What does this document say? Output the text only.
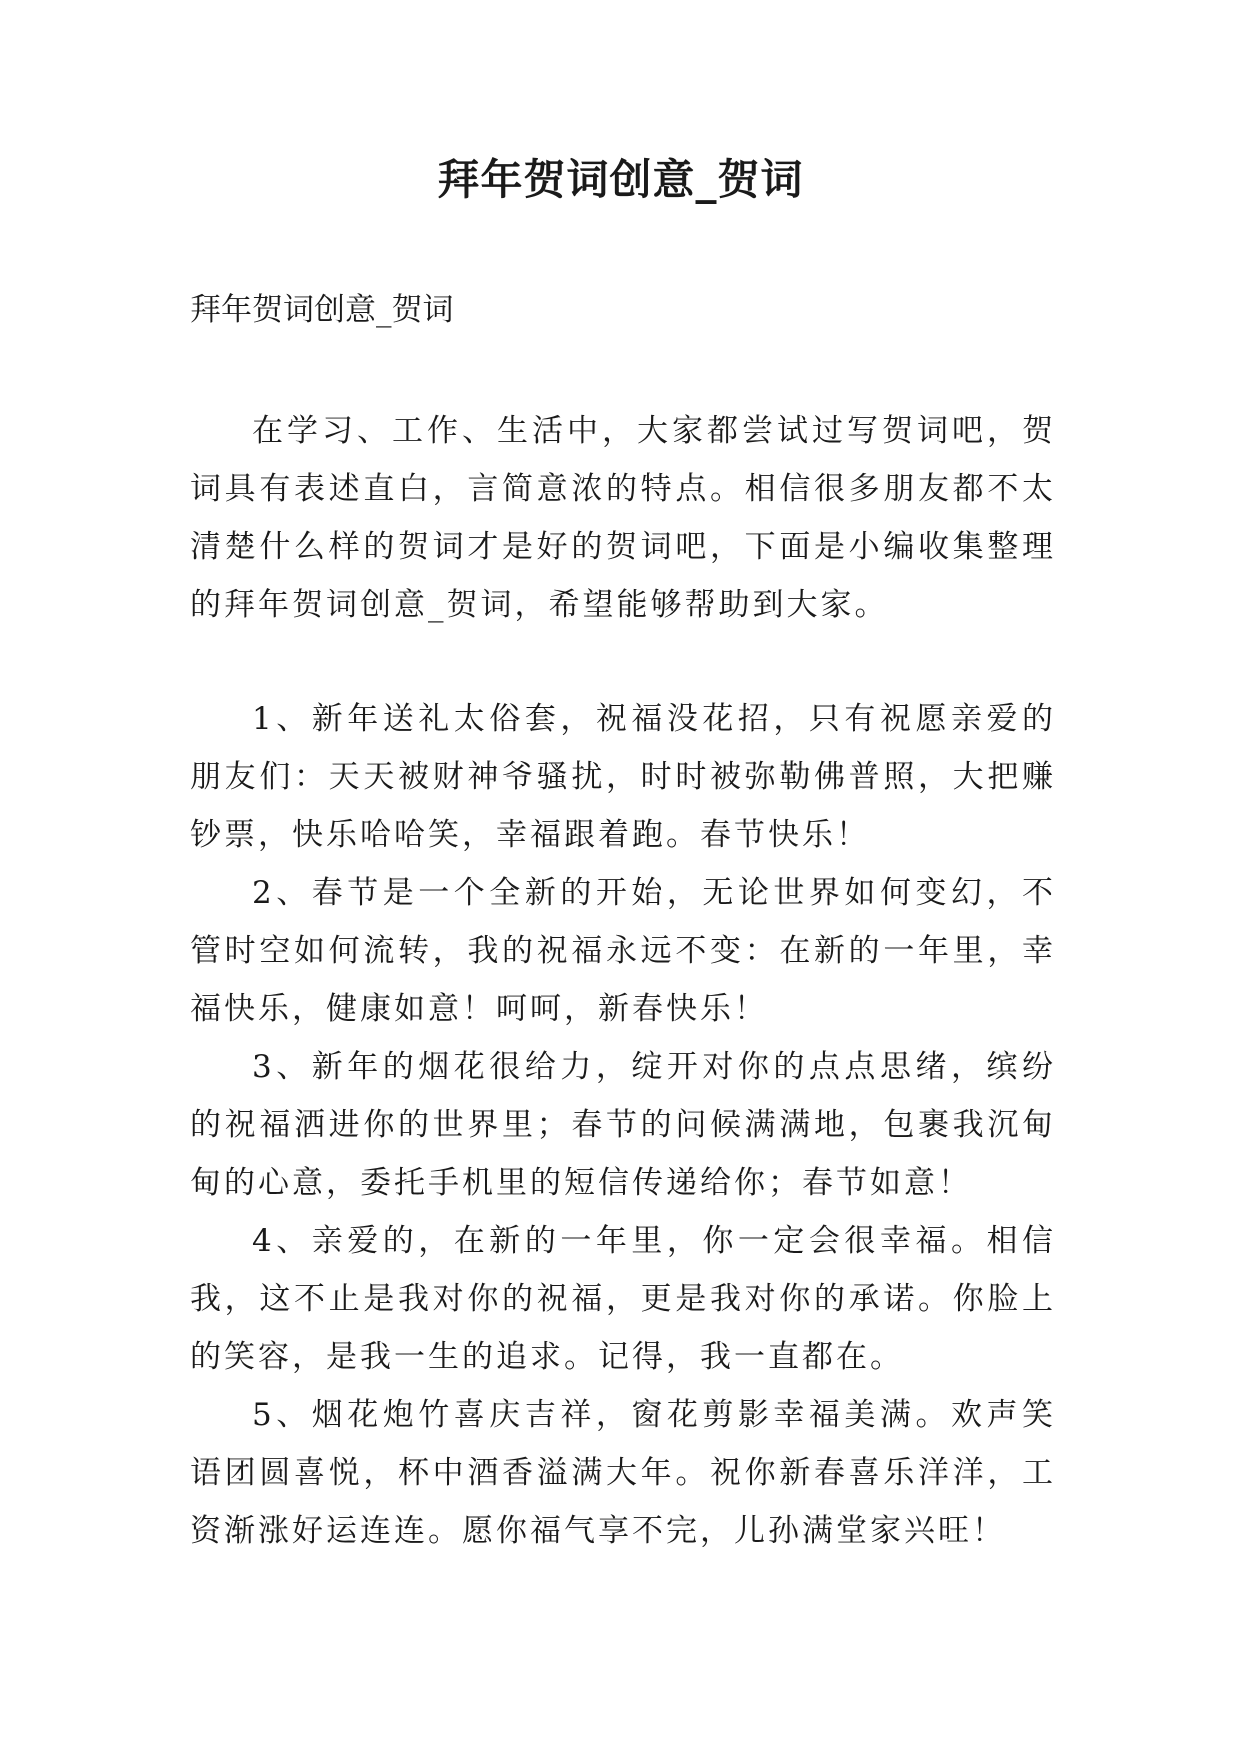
拜年贺词创意_贺词
拜年贺词创意_贺词

在学习、工作、生活中，大家都尝试过写贺词吧，贺词具有表述直白，言简意浓的特点。相信很多朋友都不太清楚什么样的贺词才是好的贺词吧，下面是小编收集整理的拜年贺词创意_贺词，希望能够帮助到大家。

1、新年送礼太俗套，祝福没花招，只有祝愿亲爱的朋友们：天天被财神爷骚扰，时时被弥勒佛普照，大把赚钞票，快乐哈哈笑，幸福跟着跑。春节快乐！

2、春节是一个全新的开始，无论世界如何变幻，不管时空如何流转，我的祝福永远不变：在新的一年里，幸福快乐，健康如意！呵呵，新春快乐！

3、新年的烟花很给力，绽开对你的点点思绪，缤纷的祝福洒进你的世界里；春节的问候满满地，包裹我沉甸甸的心意，委托手机里的短信传递给你；春节如意！

4、亲爱的，在新的一年里，你一定会很幸福。相信我，这不止是我对你的祝福，更是我对你的承诺。你脸上的笑容，是我一生的追求。记得，我一直都在。

5、烟花炮竹喜庆吉祥，窗花剪影幸福美满。欢声笑语团圆喜悦，杯中酒香溢满大年。祝你新春喜乐洋洋，工资渐涨好运连连。愿你福气享不完，儿孙满堂家兴旺！
